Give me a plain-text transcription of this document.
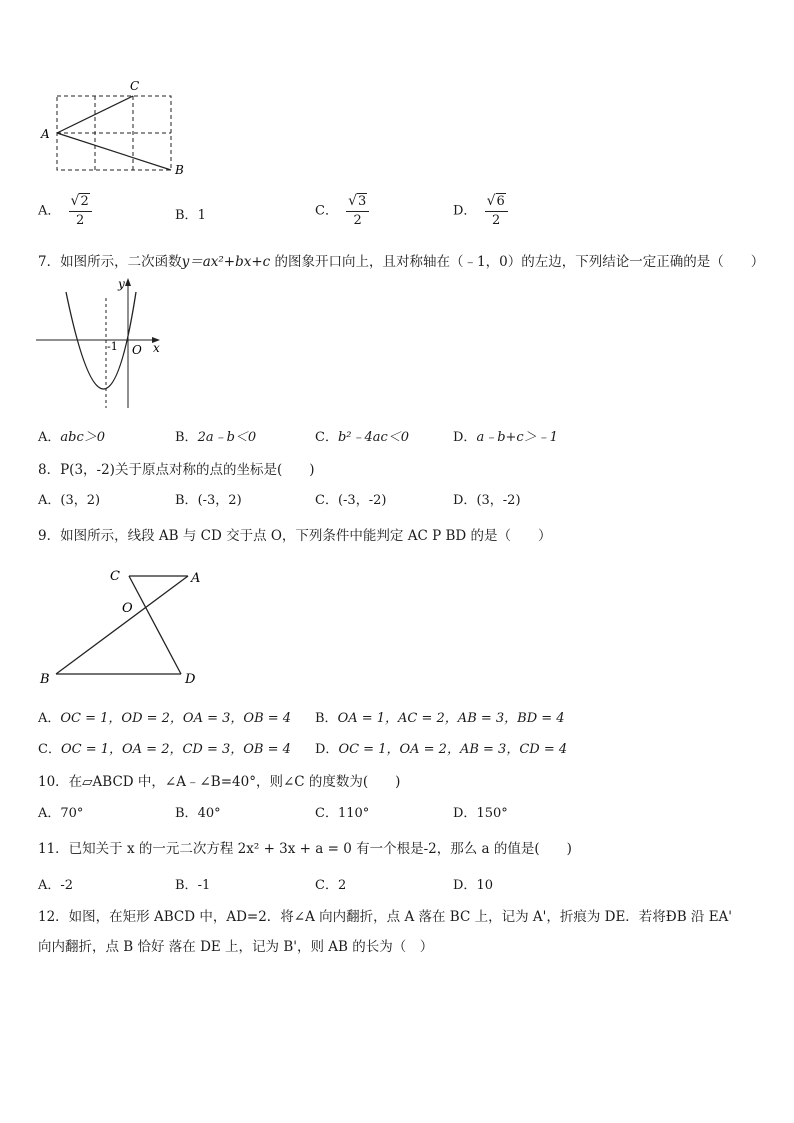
A
C
B
A． $\frac{√2}{2}$	B．1	C． $\frac{√3}{2}$	D． $\frac{√6}{2}$
7．如图所示，二次函数y＝ax²+bx+c 的图象开口向上，且对称轴在（﹣1，0）的左边，下列结论一定正确的是（　　）
y
x
O
-1
A．abc＞0	B．2a﹣b＜0	C．b²﹣4ac＜0	D．a﹣b+c＞﹣1
8．P(3，-2)关于原点对称的点的坐标是(　　)
A．(3，2)	B．(-3，2)	C．(-3，-2)	D．(3，-2)
9．如图所示，线段 AB 与 CD 交于点 O，下列条件中能判定 AC P BD 的是（　　）
C	A
O
B	D
A．OC = 1，OD = 2，OA = 3，OB = 4 B．OA = 1，AC = 2，AB = 3，BD = 4
C．OC = 1，OA = 2，CD = 3，OB = 4 D．OC = 1，OA = 2，AB = 3，CD = 4
10．在▱ABCD 中，∠A﹣∠B=40°，则∠C 的度数为(　　)
A．70°	B．40°	C．110°	D．150°
11．已知关于 x 的一元二次方程 2x² + 3x + a = 0 有一个根是-2，那么 a 的值是(　　)
A．-2	B．-1	C．2	D．10
12．如图，在矩形 ABCD 中，AD=2．将∠A 向内翻折，点 A 落在 BC 上，记为 A'，折痕为 DE．若将ÐB 沿 EA'
向内翻折，点 B 恰好 落在 DE 上，记为 B'，则 AB 的长为（　）
